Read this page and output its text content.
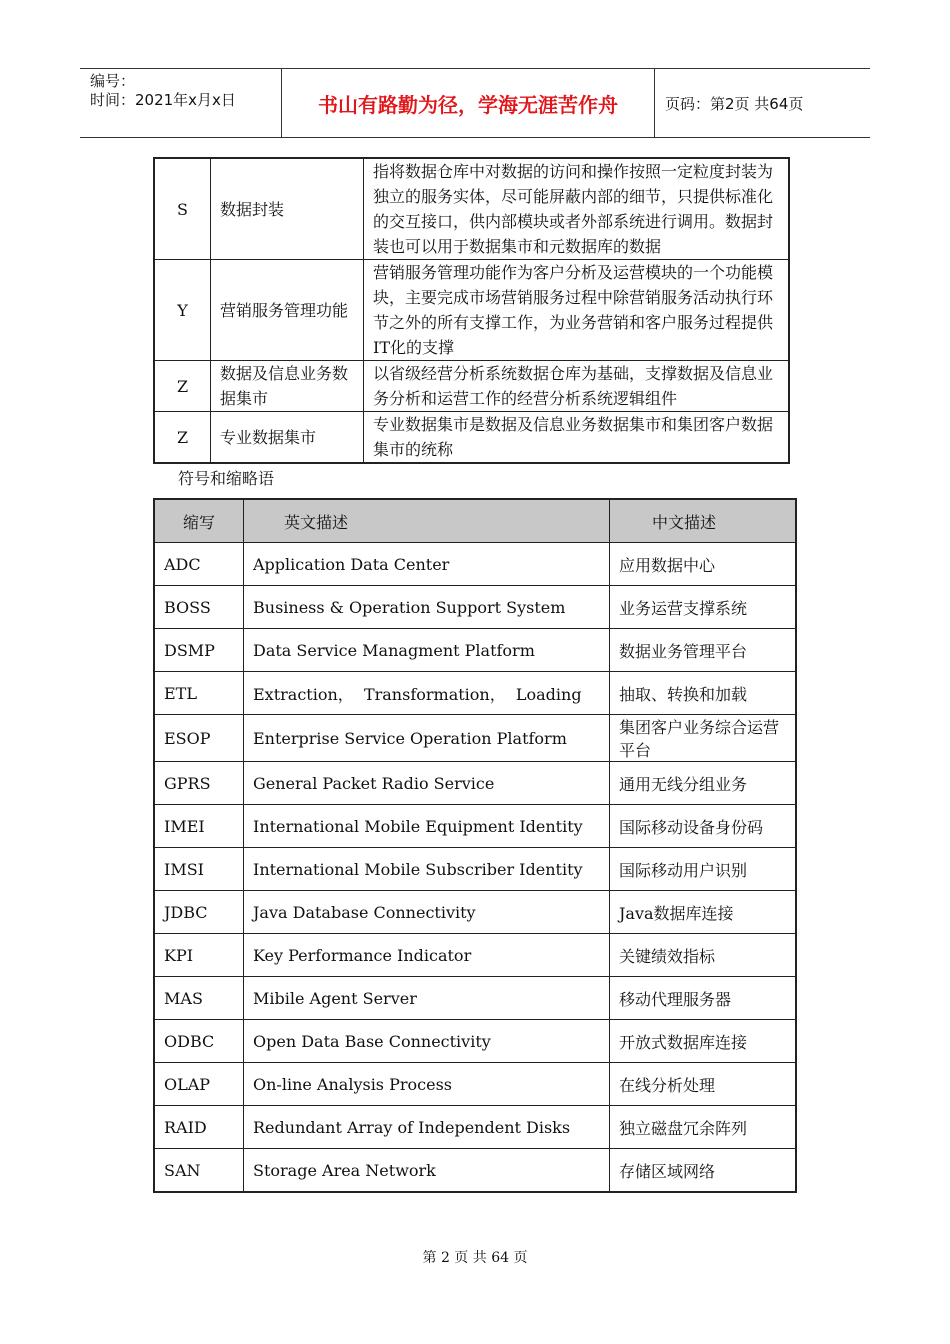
编号：
时间：2021年x月x日	书山有路勤为径，学海无涯苦作舟	页码：第2页 共64页
S	数据封装	指将数据仓库中对数据的访问和操作按照一定粒度封装为独立的服务实体，尽可能屏蔽内部的细节，只提供标准化的交互接口，供内部模块或者外部系统进行调用。数据封装也可以用于数据集市和元数据库的数据
Y	营销服务管理功能	营销服务管理功能作为客户分析及运营模块的一个功能模块，主要完成市场营销服务过程中除营销服务活动执行环节之外的所有支撑工作，为业务营销和客户服务过程提供IT化的支撑
Z	数据及信息业务数据集市	以省级经营分析系统数据仓库为基础，支撑数据及信息业务分析和运营工作的经营分析系统逻辑组件
Z	专业数据集市	专业数据集市是数据及信息业务数据集市和集团客户数据集市的统称
符号和缩略语
缩写	英文描述	中文描述
ADC	Application Data Center	应用数据中心
BOSS	Business & Operation Support System	业务运营支撑系统
DSMP	Data Service Managment Platform	数据业务管理平台
ETL	Extraction，  Transformation，  Loading	抽取、转换和加载
ESOP	Enterprise Service Operation Platform	集团客户业务综合运营平台
GPRS	General Packet Radio Service	通用无线分组业务
IMEI	International Mobile Equipment Identity	国际移动设备身份码
IMSI	International Mobile Subscriber Identity	国际移动用户识别
JDBC	Java Database Connectivity	Java数据库连接
KPI	Key Performance Indicator	关键绩效指标
MAS	Mibile Agent Server	移动代理服务器
ODBC	Open Data Base Connectivity	开放式数据库连接
OLAP	On-line Analysis Process	在线分析处理
RAID	Redundant Array of Independent Disks	独立磁盘冗余阵列
SAN	Storage Area Network	存储区域网络
第 2 页 共 64 页
